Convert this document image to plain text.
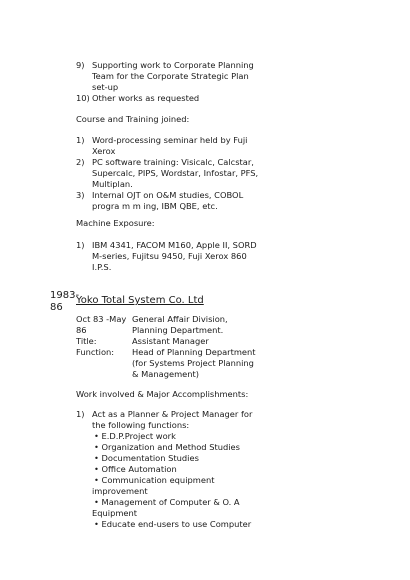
9) Supporting work to Corporate Planning
Team for the Corporate Strategic Plan
set-up
10) Other works as requested
Course and Training joined:
1) Word-processing seminar held by Fuji
Xerox
2) PC software training: Visicalc, Calcstar,
Supercalc, PIPS, Wordstar, Infostar, PFS,
Multiplan.
3) Internal OJT on O&M studies, COBOL
progra m m ing, IBM QBE, etc.
Machine Exposure:
1) IBM 4341, FACOM M160, Apple II, SORD
M-series, Fujitsu 9450, Fuji Xerox 860
I.P.S.
1983-
86
Yoko Total System Co. Ltd
Oct 83 -May General Affair Division,
86	Planning Department.
Title:	Assistant Manager
Function: Head of Planning Department
(for Systems Project Planning
& Management)
Work involved & Major Accomplishments:
1) Act as a Planner & Project Manager for
the following functions:
• E.D.P.Project work
• Organization and Method Studies
• Documentation Studies
• Office Automation
• Communication equipment
improvement
• Management of Computer & O. A
Equipment
• Educate end-users to use Computer
